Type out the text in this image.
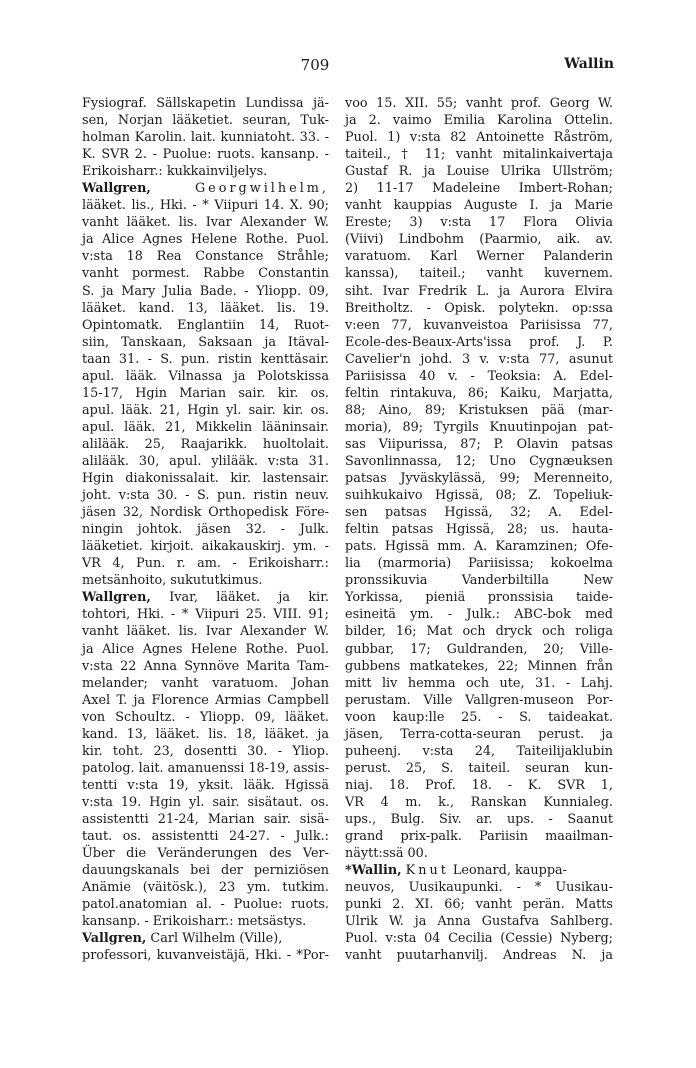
709	Wallin
Fysiograf. Sällskapetin Lundissa jä-
sen, Norjan lääketiet. seuran, Tuk-
holman Karolin. lait. kunniatoht. 33. -
K. SVR 2. - Puolue: ruots. kansanp. -
Erikoisharr.: kukkainviljelys.
Wallgren,	Georgwilhelm,
lääket. lis., Hki. - * Viipuri 14. X. 90;
vanht lääket. lis. Ivar Alexander W.
ja Alice Agnes Helene Rothe. Puol.
v:sta 18 Rea Constance Stråhle;
vanht pormest. Rabbe Constantin
S. ja Mary Julia Bade. - Yliopp. 09,
lääket. kand. 13, lääket. lis. 19.
Opintomatk. Englantiin 14, Ruot-
siin, Tanskaan, Saksaan ja Itäval-
taan 31. - S. pun. ristin kenttäsair.
apul. lääk. Vilnassa ja Polotskissa
15-17, Hgin Marian sair. kir. os.
apul. lääk. 21, Hgin yl. sair. kir. os.
apul. lääk. 21, Mikkelin lääninsair.
alilääk. 25, Raajarikk. huoltolait.
alilääk. 30, apul. ylilääk. v:sta 31.
Hgin diakonissalait. kir. lastensair.
joht. v:sta 30. - S. pun. ristin neuv.
jäsen 32, Nordisk Orthopedisk Före-
ningin johtok. jäsen 32. - Julk.
lääketiet. kirjoit. aikakauskirj. ym. -
VR 4, Pun. r. am. - Erikoisharr.:
metsänhoito, sukututkimus.
Wallgren, Ivar, lääket. ja kir.
tohtori, Hki. - * Viipuri 25. VIII. 91;
vanht lääket. lis. Ivar Alexander W.
ja Alice Agnes Helene Rothe. Puol.
v:sta 22 Anna Synnöve Marita Tam-
melander; vanht varatuom. Johan
Axel T. ja Florence Armias Campbell
von Schoultz. - Yliopp. 09, lääket.
kand. 13, lääket. lis. 18, lääket. ja
kir. toht. 23, dosentti 30. - Yliop.
patolog. lait. amanuenssi 18-19, assis-
tentti v:sta 19, yksit. lääk. Hgissä
v:sta 19. Hgin yl. sair. sisätaut. os.
assistentti 21-24, Marian sair. sisä-
taut. os. assistentti 24-27. - Julk.:
Über die Veränderungen des Ver-
dauungskanals bei der perniziösen
Anämie (väitösk.), 23 ym. tutkim.
patol.anatomian al. - Puolue: ruots.
kansanp. - Erikoisharr.: metsästys.
Vallgren, Carl Wilhelm (Ville),
professori, kuvanveistäjä, Hki. - *Por-
voo 15. XII. 55; vanht prof. Georg W.
ja 2. vaimo Emilia Karolina Ottelin.
Puol. 1) v:sta 82 Antoinette Råström,
taiteil., † 11; vanht mitalinkaivertaja
Gustaf R. ja Louise Ulrika Ullström;
2) 11-17 Madeleine Imbert-Rohan;
vanht kauppias Auguste I. ja Marie
Ereste; 3) v:sta 17 Flora Olivia
(Viivi) Lindbohm (Paarmio, aik. av.
varatuom. Karl Werner Palanderin
kanssa), taiteil.; vanht kuvernem.
siht. Ivar Fredrik L. ja Aurora Elvira
Breitholtz. - Opisk. polytekn. op:ssa
v:een 77, kuvanveistoa Pariisissa 77,
Ecole-des-Beaux-Arts'issa prof. J. P.
Cavelier'n johd. 3 v. v:sta 77, asunut
Pariisissa 40 v. - Teoksia: A. Edel-
feltin rintakuva, 86; Kaiku, Marjatta,
88; Aino, 89; Kristuksen pää (mar-
moria), 89; Tyrgils Knuutinpojan pat-
sas Viipurissa, 87; P. Olavin patsas
Savonlinnassa, 12; Uno Cygnæuksen
patsas Jyväskylässä, 99; Merenneito,
suihkukaivo Hgissä, 08; Z. Topeliuk-
sen patsas Hgissä, 32; A. Edel-
feltin patsas Hgissä, 28; us. hauta-
pats. Hgissä mm. A. Karamzinen; Ofe-
lia (marmoria) Pariisissa; kokoelma
pronssikuvia Vanderbiltilla New
Yorkissa, pieniä pronssisia taide-
esineitä ym. - Julk.: ABC-bok med
bilder, 16; Mat och dryck och roliga
gubbar, 17; Guldranden, 20; Ville-
gubbens matkatekes, 22; Minnen från
mitt liv hemma och ute, 31. - Lahj.
perustam. Ville Vallgren-museon Por-
voon kaup:lle 25. - S. taideakat.
jäsen, Terra-cotta-seuran perust. ja
puheenj. v:sta 24, Taiteilijaklubin
perust. 25, S. taiteil. seuran kun-
niaj. 18. Prof. 18. - K. SVR 1,
VR 4 m. k., Ranskan Kunnialeg.
ups., Bulg. Siv. ar. ups. - Saanut
grand prix-palk. Pariisin maailman-
näytt:ssä 00.
*Wallin, Knut Leonard, kauppa-
neuvos, Uusikaupunki. - * Uusikau-
punki 2. XI. 66; vanht perän. Matts
Ulrik W. ja Anna Gustafva Sahlberg.
Puol. v:sta 04 Cecilia (Cessie) Nyberg;
vanht puutarhanvilj. Andreas N. ja
